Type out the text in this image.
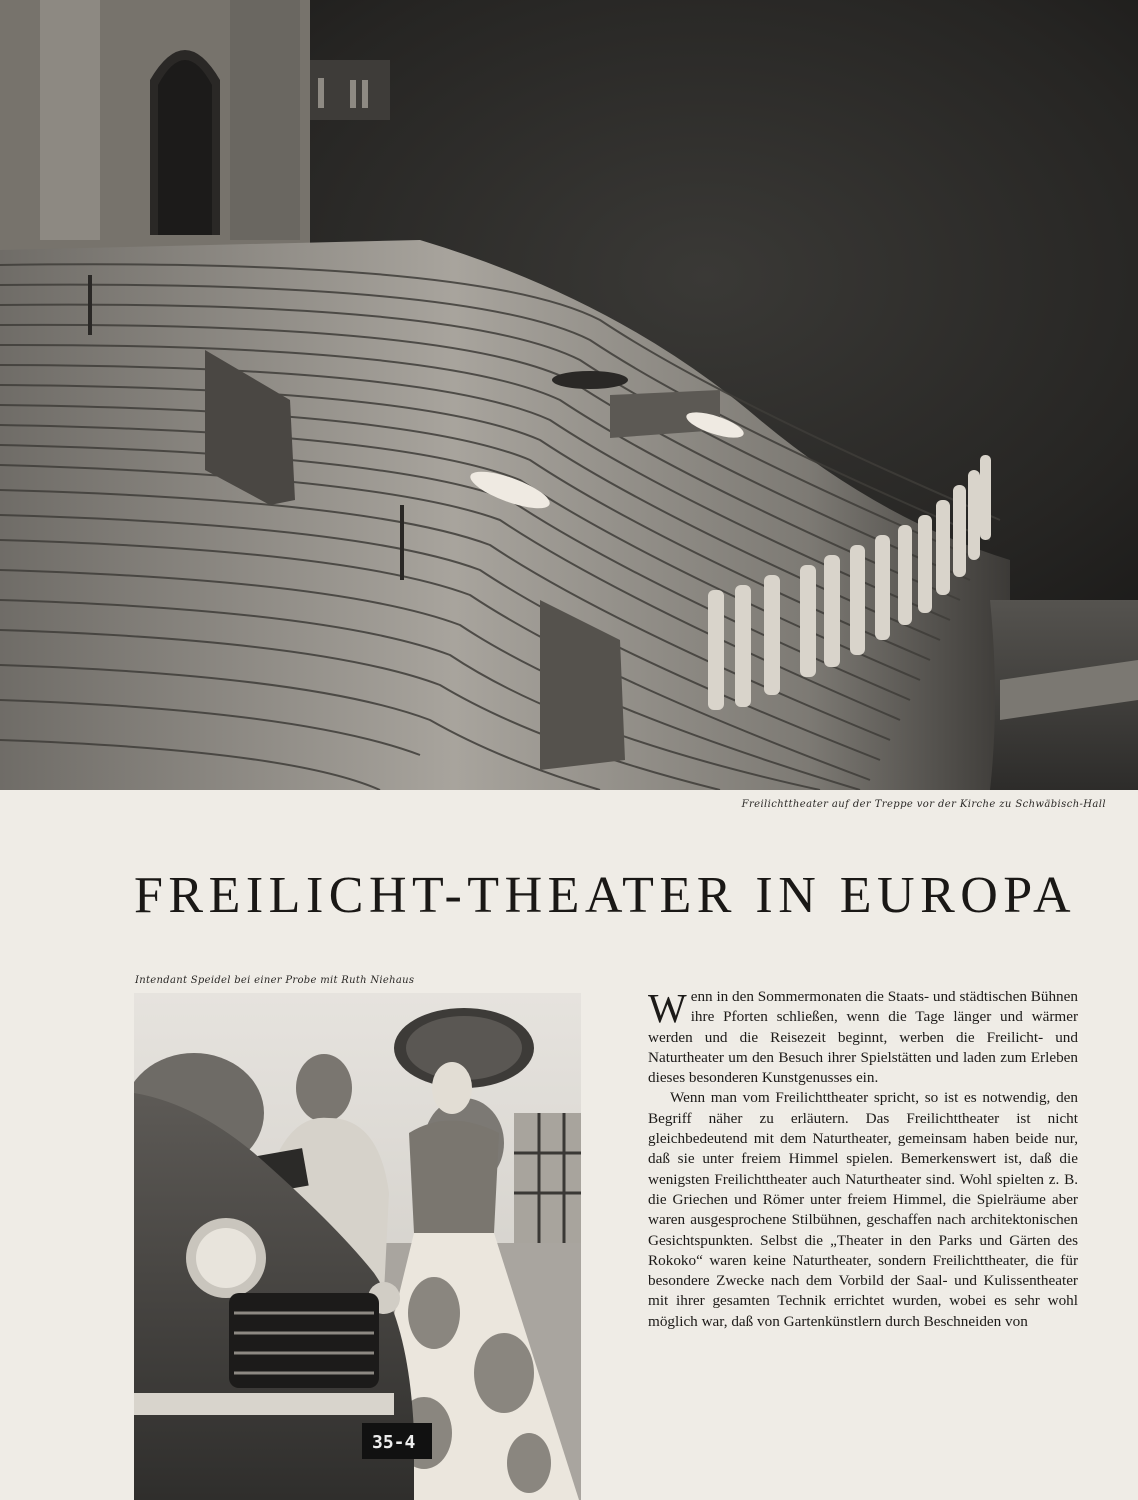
Freilichttheater auf der Treppe vor der Kirche zu Schwäbisch-Hall
FREILICHT-THEATER IN EUROPA
Intendant Speidel bei einer Probe mit Ruth Niehaus
35-4

Wenn in den Sommermonaten die Staats- und städtischen Bühnen ihre Pforten schließen, wenn die Tage länger und wärmer werden und die Reisezeit beginnt, werben die Freilicht- und Naturtheater um den Besuch ihrer Spielstätten und laden zum Erleben dieses besonderen Kunstgenusses ein.

Wenn man vom Freilichttheater spricht, so ist es notwendig, den Begriff näher zu erläutern. Das Freilichttheater ist nicht gleichbedeutend mit dem Naturtheater, gemeinsam haben beide nur, daß sie unter freiem Himmel spielen. Bemerkenswert ist, daß die wenigsten Freilichttheater auch Naturtheater sind. Wohl spielten z. B. die Griechen und Römer unter freiem Himmel, die Spielräume aber waren ausgesprochene Stilbühnen, geschaffen nach architektonischen Gesichtspunkten. Selbst die „Theater in den Parks und Gärten des Rokoko“ waren keine Naturtheater, sondern Freilichttheater, die für besondere Zwecke nach dem Vorbild der Saal- und Kulissentheater mit ihrer gesamten Technik errichtet wurden, wobei es sehr wohl möglich war, daß von Gartenkünstlern durch Beschneiden von
